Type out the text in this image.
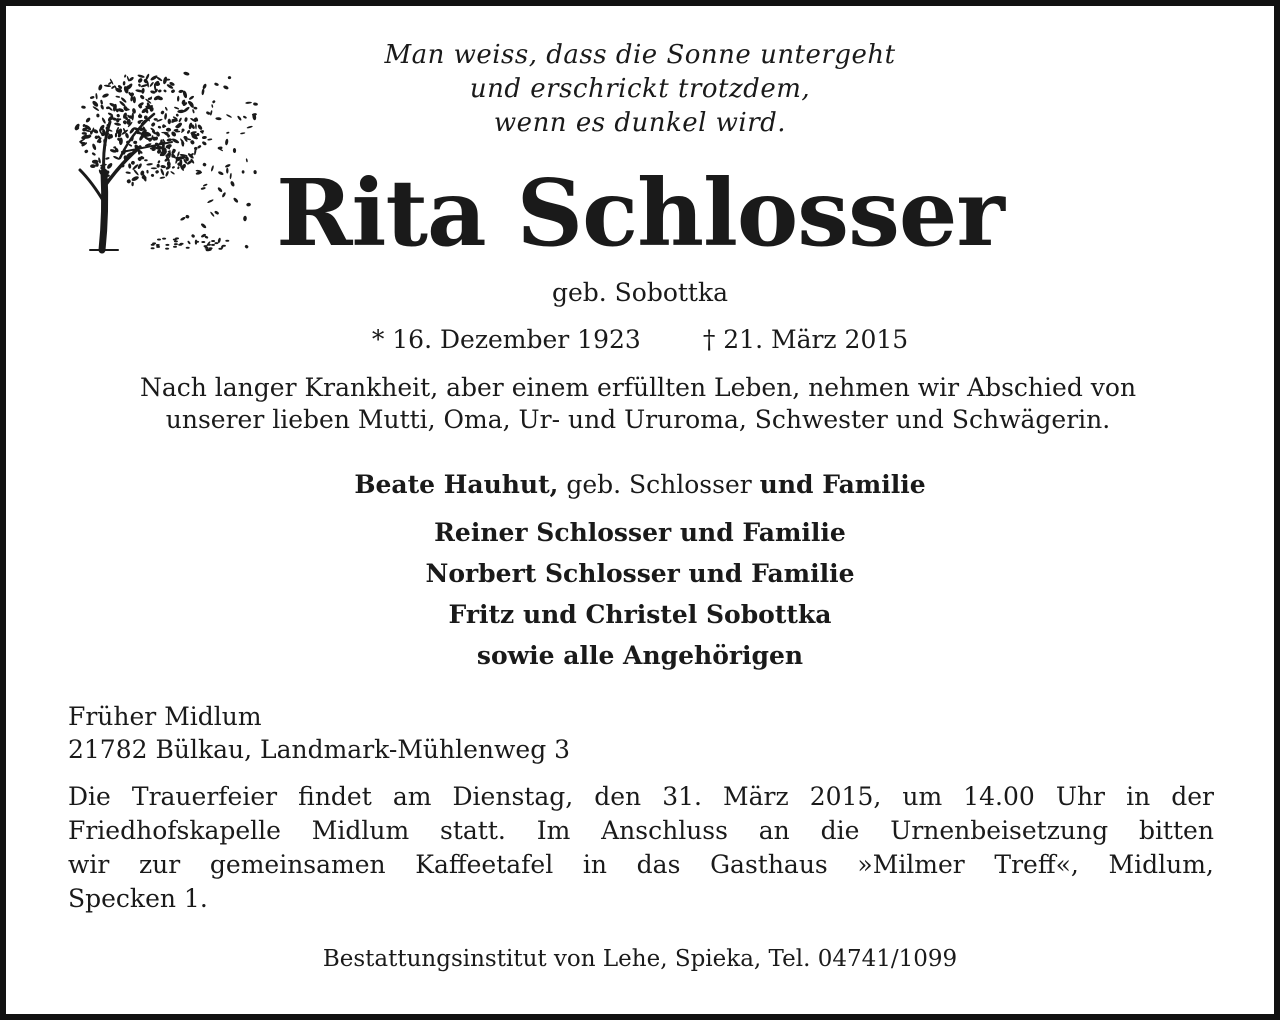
Man weiss, dass die Sonne untergeht
und erschrickt trotzdem,
wenn es dunkel wird.
Rita Schlosser
geb. Sobottka
* 16. Dezember 1923 † 21. März 2015
Nach langer Krankheit, aber einem erfüllten Leben, nehmen wir Abschied von
unserer lieben Mutti, Oma, Ur- und Ururoma, Schwester und Schwägerin.
Beate Hauhut, geb. Schlosser und Familie
Reiner Schlosser und Familie
Norbert Schlosser und Familie
Fritz und Christel Sobottka
sowie alle Angehörigen
Früher Midlum
21782 Bülkau, Landmark-Mühlenweg 3
Die Trauerfeier findet am Dienstag, den 31. März 2015, um 14.00 Uhr in der
Friedhofskapelle Midlum statt. Im Anschluss an die Urnenbeisetzung bitten
wir zur gemeinsamen Kaffeetafel in das Gasthaus »Milmer Treff«, Midlum,
Specken 1.
Bestattungsinstitut von Lehe, Spieka, Tel. 04741/1099
